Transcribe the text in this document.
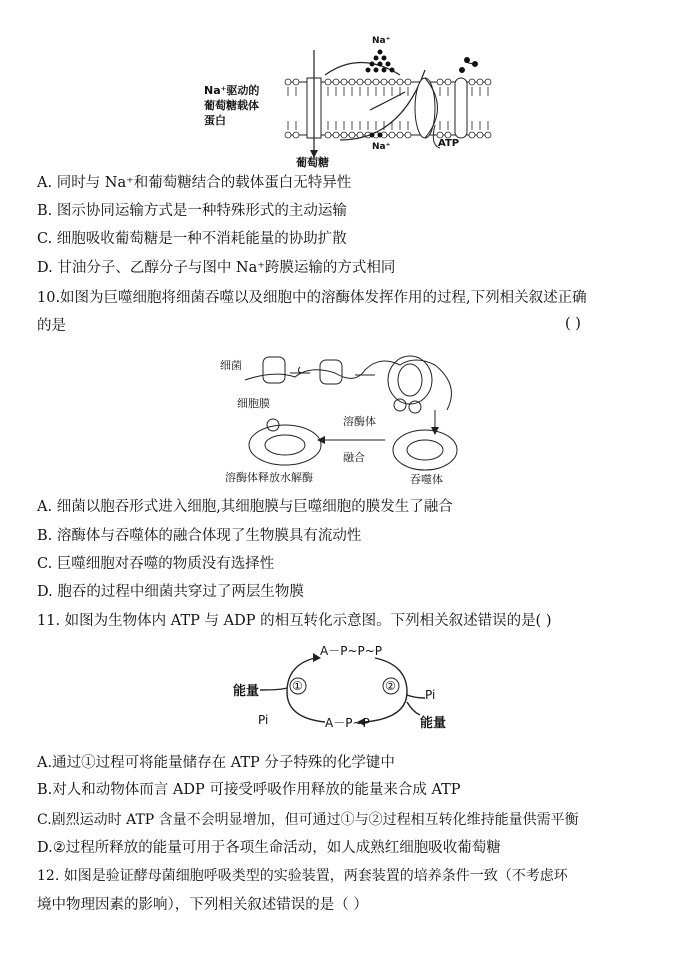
Na⁺驱动的
葡萄糖载体
蛋白
Na⁺
Na⁺	ATP
葡萄糖
A. 同时与 Na⁺和葡萄糖结合的载体蛋白无特异性
B. 图示协同运输方式是一种特殊形式的主动运输
C. 细胞吸收葡萄糖是一种不消耗能量的协助扩散
D. 甘油分子、乙醇分子与图中 Na⁺跨膜运输的方式相同
10.如图为巨噬细胞将细菌吞噬以及细胞中的溶酶体发挥作用的过程,下列相关叙述正确
的是	( )
细菌
细胞膜
溶酶体
融合
吞噬体
溶酶体释放水解酶
A. 细菌以胞吞形式进入细胞,其细胞膜与巨噬细胞的膜发生了融合
B. 溶酶体与吞噬体的融合体现了生物膜具有流动性
C. 巨噬细胞对吞噬的物质没有选择性
D. 胞吞的过程中细菌共穿过了两层生物膜
11. 如图为生物体内 ATP 与 ADP 的相互转化示意图。下列相关叙述错误的是( )
A－P~P~P
A－P~P
能量
能量
Pi
Pi
①	②
A.通过①过程可将能量储存在 ATP 分子特殊的化学键中
B.对人和动物体而言 ADP 可接受呼吸作用释放的能量来合成 ATP
C.剧烈运动时 ATP 含量不会明显增加，但可通过①与②过程相互转化维持能量供需平衡
D.②过程所释放的能量可用于各项生命活动，如人成熟红细胞吸收葡萄糖
12. 如图是验证酵母菌细胞呼吸类型的实验装置，两套装置的培养条件一致（不考虑环
境中物理因素的影响），下列相关叙述错误的是（ ）
